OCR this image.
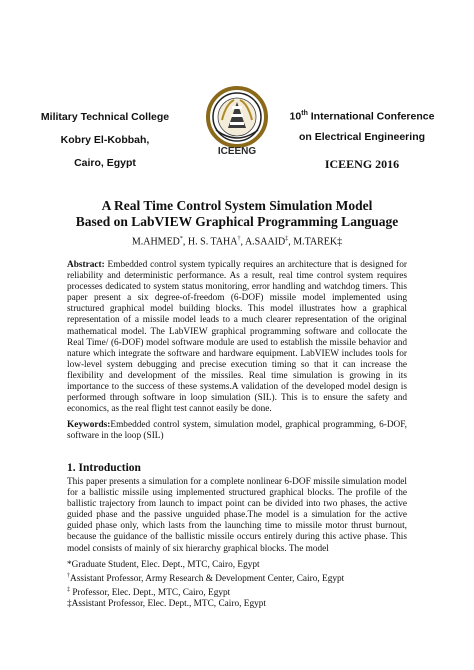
Military Technical College
Kobry El-Kobbah,
Cairo, Egypt
ICEENG
10th International Conference
on Electrical Engineering
ICEENG 2016
A Real Time Control System Simulation Model
Based on LabVIEW Graphical Programming Language
M.AHMED*, H. S. TAHA†, A.SAAID‡, M.TAREK‡
Abstract: Embedded control system typically requires an architecture that is designed for reliability and deterministic performance. As a result, real time control system requires processes dedicated to system status monitoring, error handling and watchdog timers. This paper present a six degree-of-freedom (6-DOF) missile model implemented using structured graphical model building blocks. This model illustrates how a graphical representation of a missile model leads to a much clearer representation of the original mathematical model. The LabVIEW graphical programming software and collocate the Real Time/ (6-DOF) model software module are used to establish the missile behavior and nature which integrate the software and hardware equipment. LabVIEW includes tools for low-level system debugging and precise execution timing so that it can increase the flexibility and development of the missiles. Real time simulation is growing in its importance to the success of these systems.A validation of the developed model design is performed through software in loop simulation (SIL). This is to ensure the safety and economics, as the real flight test cannot easily be done.
Keywords:Embedded control system, simulation model, graphical programming, 6-DOF, software in the loop (SIL)
1. Introduction
This paper presents a simulation for a complete nonlinear 6-DOF missile simulation model for a ballistic missile using implemented structured graphical blocks. The profile of the ballistic trajectory from launch to impact point can be divided into two phases, the active guided phase and the passive unguided phase.The model is a simulation for the active guided phase only, which lasts from the launching time to missile motor thrust burnout, because the guidance of the ballistic missile occurs entirely during this active phase. This model consists of mainly of six hierarchy graphical blocks. The model
*Graduate Student, Elec. Dept., MTC, Cairo, Egypt
†Assistant Professor, Army Research & Development Center, Cairo, Egypt
‡ Professor, Elec. Dept., MTC, Cairo, Egypt
‡Assistant Professor, Elec. Dept., MTC, Cairo, Egypt
